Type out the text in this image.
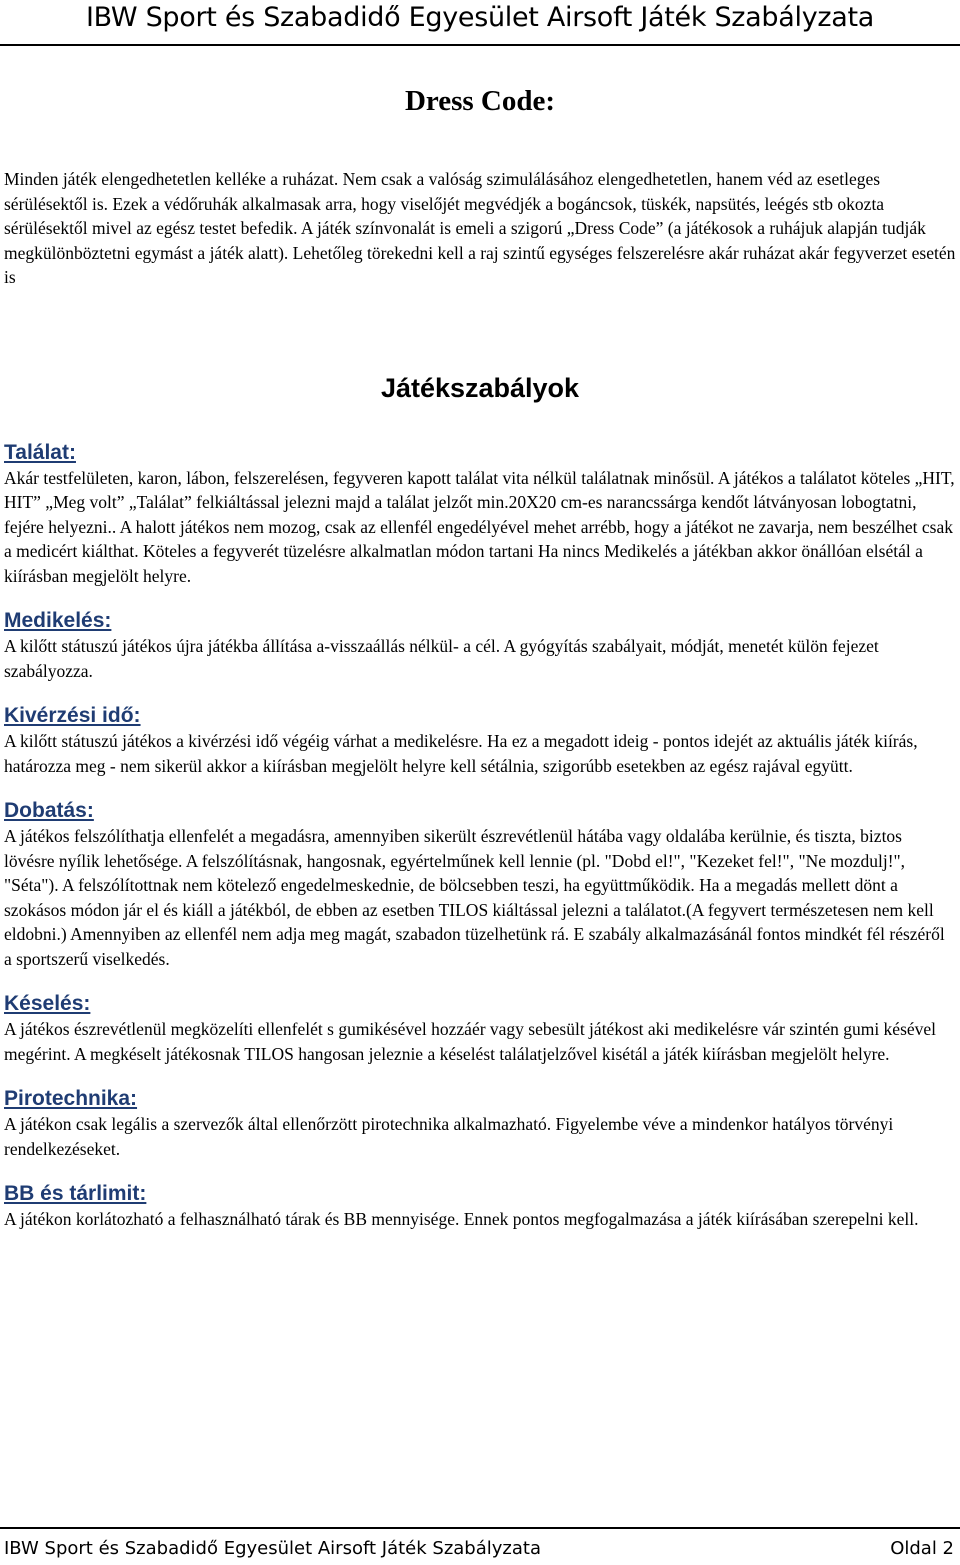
IBW Sport és Szabadidő Egyesület Airsoft Játék Szabályzata
Dress Code:

Minden játék elengedhetetlen kelléke a ruházat. Nem csak a valóság szimulálásához elengedhetetlen, hanem véd az esetleges sérülésektől is. Ezek a védőruhák alkalmasak arra, hogy viselőjét megvédjék a bogáncsok, tüskék, napsütés, leégés stb okozta sérülésektől mivel az egész testet befedik. A játék színvonalát is emeli a szigorú „Dress Code” (a játékosok a ruhájuk alapján tudják megkülönböztetni egymást a játék alatt). Lehetőleg törekedni kell a raj szintű egységes felszerelésre akár ruházat akár fegyverzet esetén is

Játékszabályok
Találat:

Akár testfelületen, karon, lábon, felszerelésen, fegyveren kapott találat vita nélkül találatnak minősül. A játékos a találatot köteles „HIT, HIT” „Meg volt” „Találat” felkiáltással jelezni majd a találat jelzőt min.20X20 cm-es narancssárga kendőt látványosan lobogtatni, fejére helyezni.. A halott játékos nem mozog, csak az ellenfél engedélyével mehet arrébb, hogy a játékot ne zavarja, nem beszélhet csak a medicért kiálthat. Köteles a fegyverét tüzelésre alkalmatlan módon tartani Ha nincs Medikelés a játékban akkor önállóan elsétál a kiírásban megjelölt helyre.

Medikelés:

A kilőtt státuszú játékos újra játékba állítása a-visszaállás nélkül- a cél. A gyógyítás szabályait, módját, menetét külön fejezet szabályozza.

Kivérzési idő:

A kilőtt státuszú játékos a kivérzési idő végéig várhat a medikelésre. Ha ez a megadott ideig - pontos idejét az aktuális játék kiírás, határozza meg - nem sikerül akkor a kiírásban megjelölt helyre kell sétálnia, szigorúbb esetekben az egész rajával együtt.

Dobatás:

A játékos felszólíthatja ellenfelét a megadásra, amennyiben sikerült észrevétlenül hátába vagy oldalába kerülnie, és tiszta, biztos lövésre nyílik lehetősége. A felszólításnak, hangosnak, egyértelműnek kell lennie (pl. "Dobd el!", "Kezeket fel!", "Ne mozdulj!", "Séta"). A felszólítottnak nem kötelező engedelmeskednie, de bölcsebben teszi, ha együttműködik. Ha a megadás mellett dönt a szokásos módon jár el és kiáll a játékból, de ebben az esetben TILOS kiáltással jelezni a találatot.(A fegyvert természetesen nem kell eldobni.) Amennyiben az ellenfél nem adja meg magát, szabadon tüzelhetünk rá. E szabály alkalmazásánál fontos mindkét fél részéről a sportszerű viselkedés.

Késelés:

A játékos észrevétlenül megközelíti ellenfelét s gumikésével hozzáér vagy sebesült játékost aki medikelésre vár szintén gumi késével megérint. A megkéselt játékosnak TILOS hangosan jeleznie a késelést találatjelzővel kisétál a játék kiírásban megjelölt helyre.

Pirotechnika:

A játékon csak legális a szervezők által ellenőrzött pirotechnika alkalmazható. Figyelembe véve a mindenkor hatályos törvényi rendelkezéseket.

BB és tárlimit:

A játékon korlátozható a felhasználható tárak és BB mennyisége. Ennek pontos megfogalmazása a játék kiírásában szerepelni kell.

IBW Sport és Szabadidő Egyesület Airsoft Játék Szabályzata	Oldal 2
